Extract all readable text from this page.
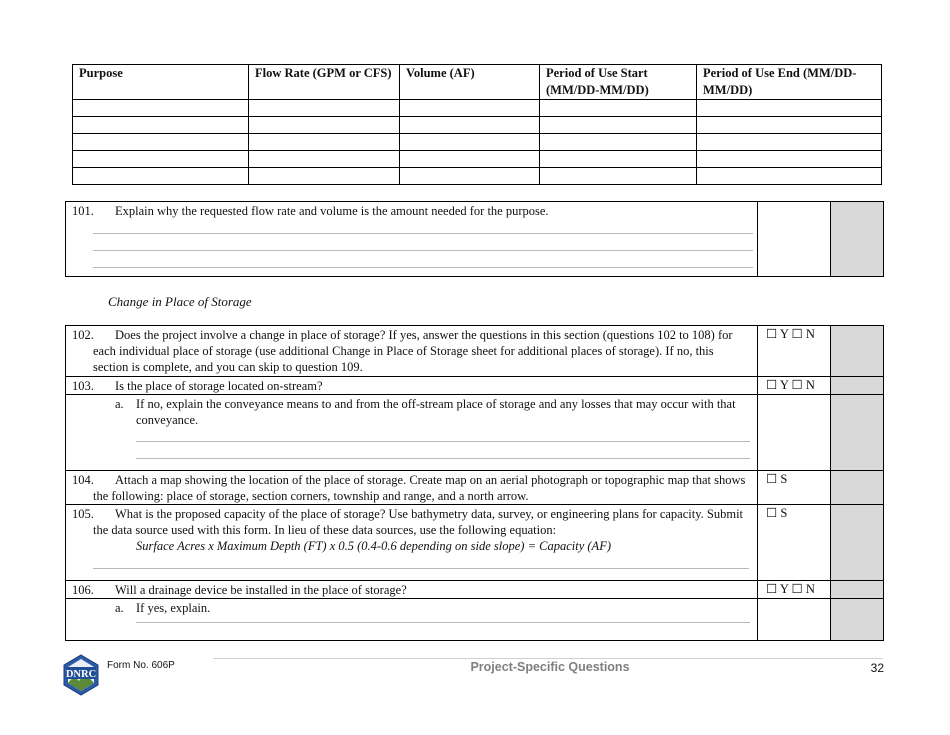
Purpose	Flow Rate (GPM or CFS)	Volume (AF)	Period of Use Start (MM/DD-MM/DD)	Period of Use End (MM/DD-MM/DD)

101. Explain why the requested flow rate and volume is the amount needed for the purpose.

Change in Place of Storage
102. Does the project involve a change in place of storage? If yes, answer the questions in this section (questions 102 to 108) for each individual place of storage (use additional Change in Place of Storage sheet for additional places of storage). If no, this section is complete, and you can skip to question 109.	☐ Y ☐ N	

103. Is the place of storage located on-stream?	☐ Y ☐ N	

a. If no, explain the conveyance means to and from the off-stream place of storage and any losses that may occur with that conveyance.		

104. Attach a map showing the location of the place of storage. Create map on an aerial photograph or topographic map that shows the following: place of storage, section corners, township and range, and a north arrow.	☐ S	

105. What is the proposed capacity of the place of storage? Use bathymetry data, survey, or engineering plans for capacity. Submit the data source used with this form. In lieu of these data sources, use the following equation:
Surface Acres x Maximum Depth (FT) x 0.5 (0.4-0.6 depending on side slope) = Capacity (AF)	☐ S	

106. Will a drainage device be installed in the place of storage?	☐ Y ☐ N	

a. If yes, explain.		

DNRC
Form No. 606P	Project-Specific Questions	32
